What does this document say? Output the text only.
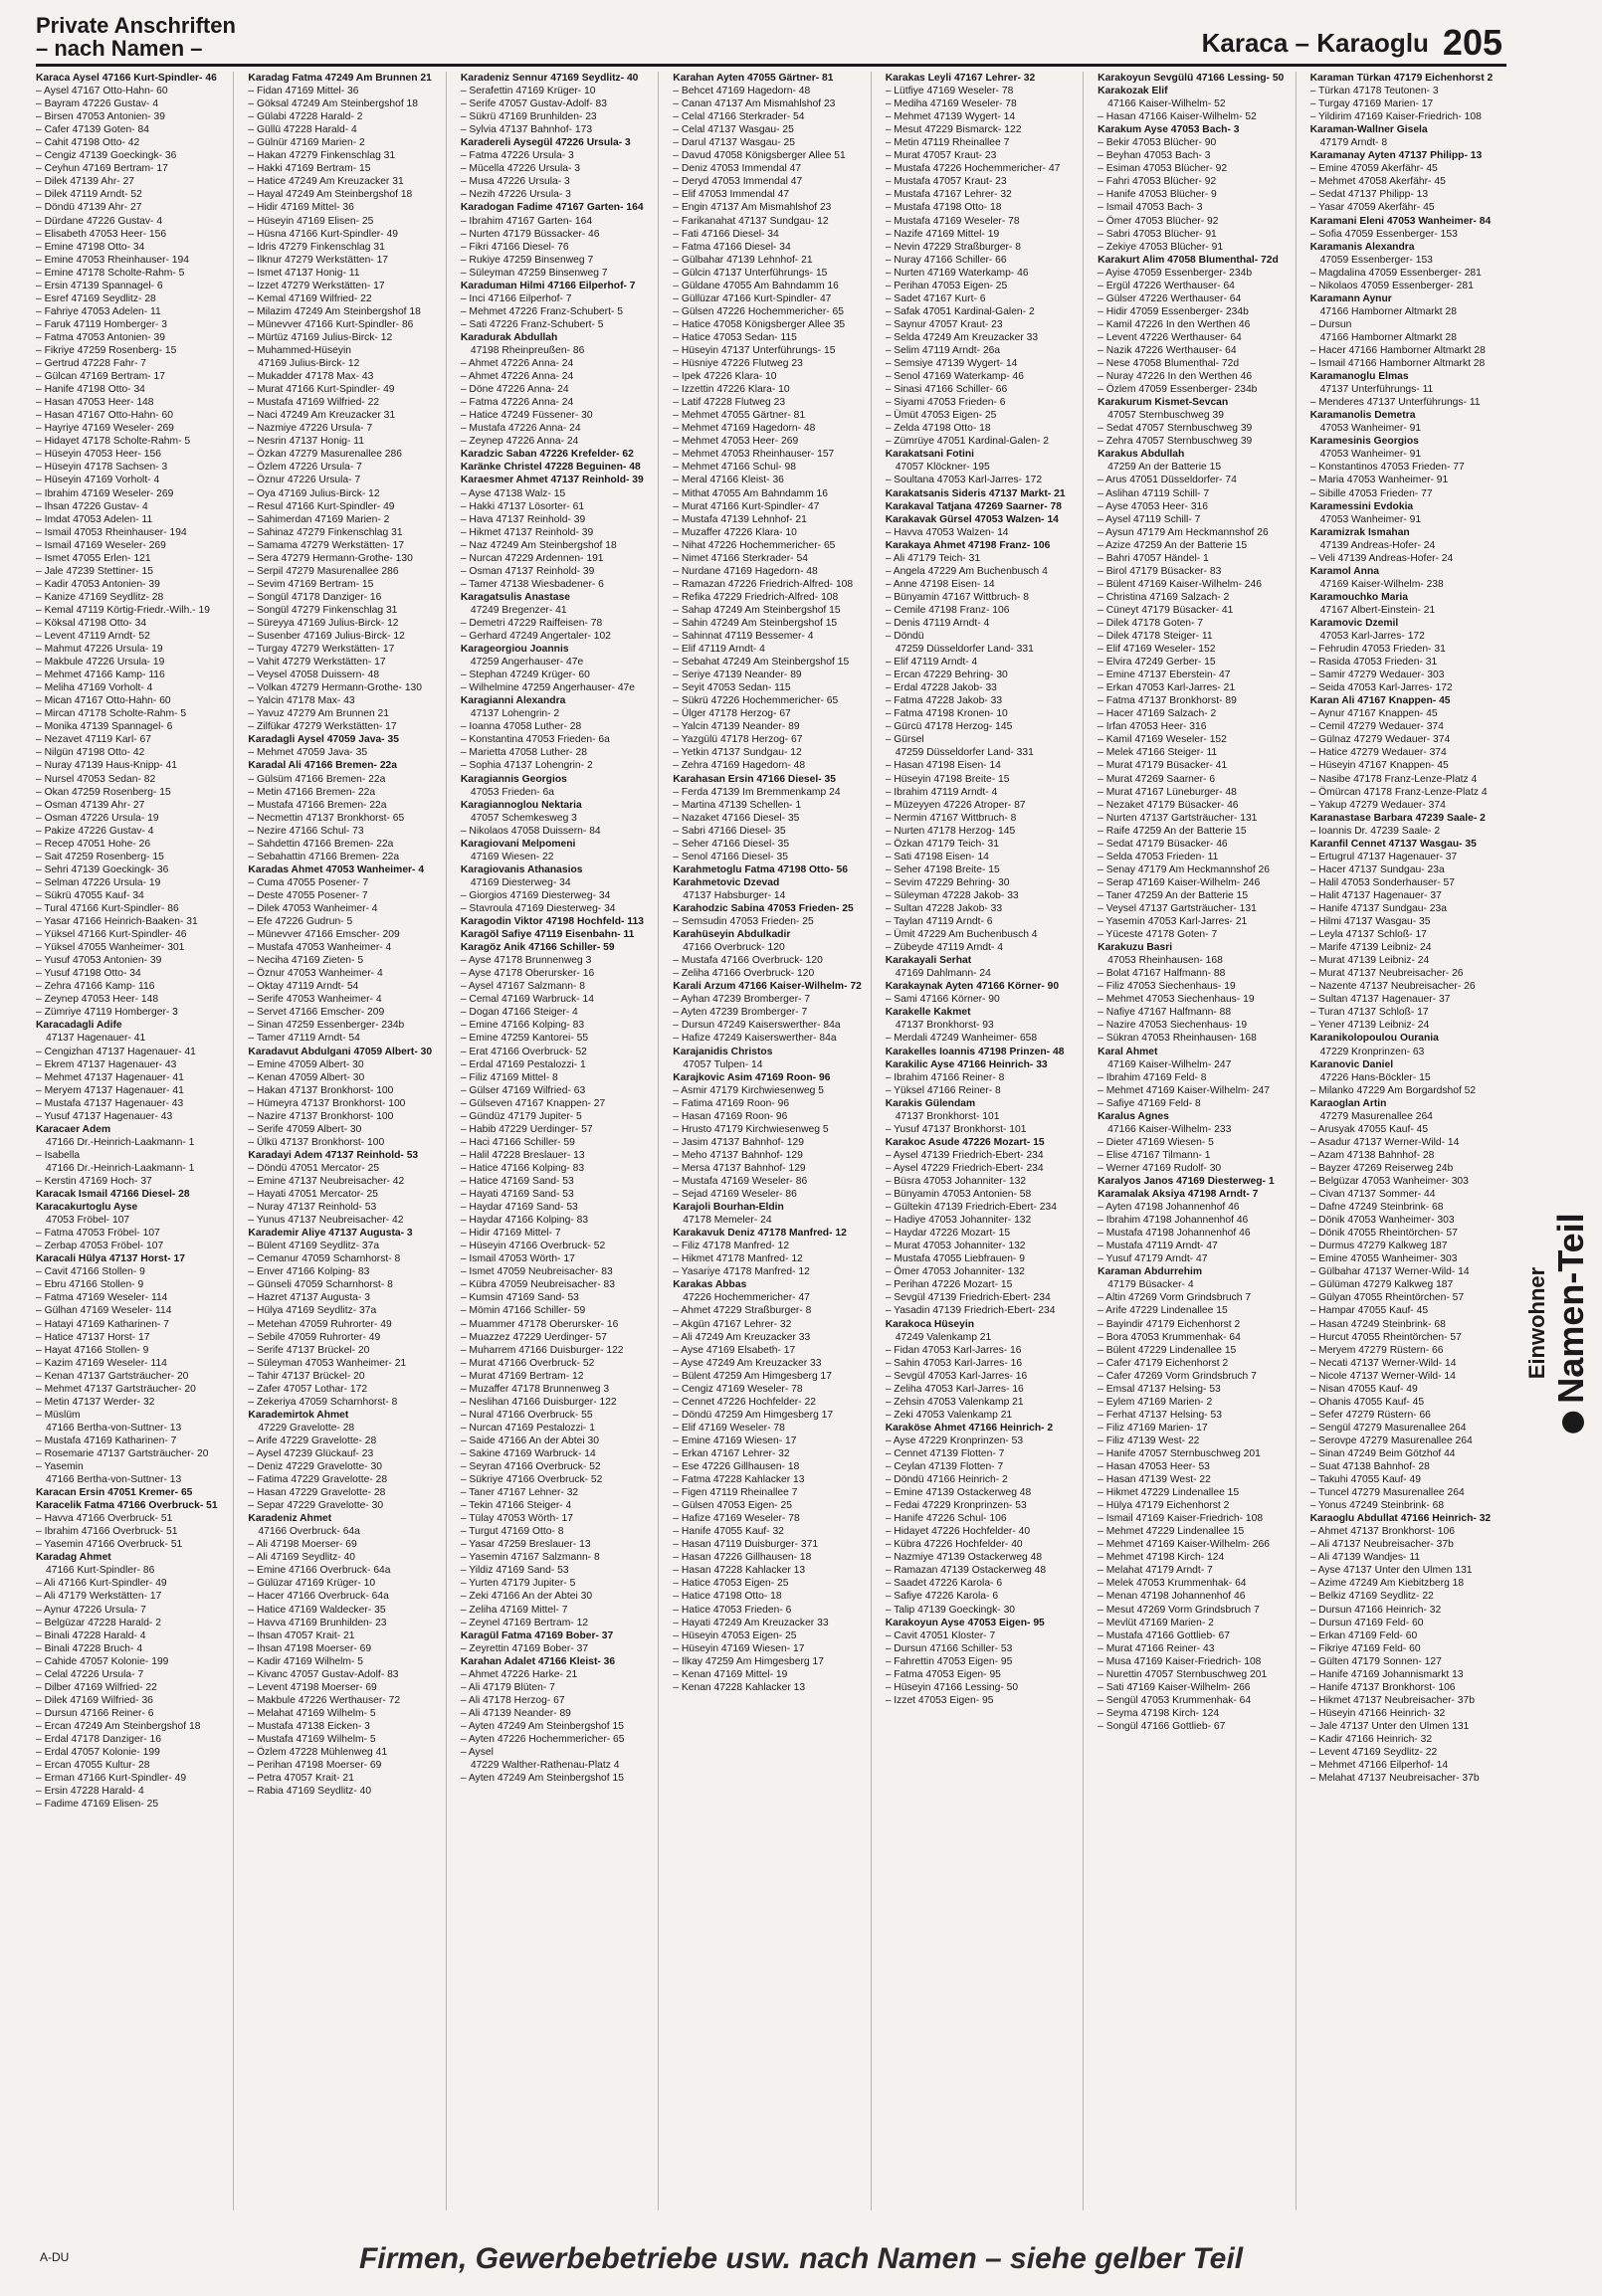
Private Anschriften
– nach Namen –	Karaca – Karaoglu 205
Karaca Aysel 47166 Kurt-Spindler- 46
– Aysel 47167 Otto-Hahn- 60
– Bayram 47226 Gustav- 4
– Birsen 47053 Antonien- 39
– Cafer 47139 Goten- 84
– Cahit 47198 Otto- 42
– Cengiz 47139 Goeckingk- 36
– Ceyhun 47169 Bertram- 17
– Dilek 47139 Ahr- 27
– Dilek 47119 Arndt- 52
– Döndü 47139 Ahr- 27
– Dürdane 47226 Gustav- 4
– Elisabeth 47053 Heer- 156
– Emine 47198 Otto- 34
– Emine 47053 Rheinhauser- 194
– Emine 47178 Scholte-Rahm- 5
– Ersin 47139 Spannagel- 6
– Esref 47169 Seydlitz- 28
– Fahriye 47053 Adelen- 11
– Faruk 47119 Homberger- 3
– Fatma 47053 Antonien- 39
– Fikriye 47259 Rosenberg- 15
– Gertrud 47228 Fahr- 7
– Gülcan 47169 Bertram- 17
– Hanife 47198 Otto- 34
– Hasan 47053 Heer- 148
– Hasan 47167 Otto-Hahn- 60
– Hayriye 47169 Weseler- 269
– Hidayet 47178 Scholte-Rahm- 5
– Hüseyin 47053 Heer- 156
– Hüseyin 47178 Sachsen- 3
– Hüseyin 47169 Vorholt- 4
– Ibrahim 47169 Weseler- 269
– Ihsan 47226 Gustav- 4
– Imdat 47053 Adelen- 11
– Ismail 47053 Rheinhauser- 194
– Ismail 47169 Weseler- 269
– Ismet 47055 Erlen- 121
– Jale 47239 Stettiner- 15
– Kadir 47053 Antonien- 39
– Kanize 47169 Seydlitz- 28
– Kemal 47119 Körtig-Friedr.-Wilh.- 19
– Köksal 47198 Otto- 34
– Levent 47119 Arndt- 52
– Mahmut 47226 Ursula- 19
– Makbule 47226 Ursula- 19
– Mehmet 47166 Kamp- 116
– Meliha 47169 Vorholt- 4
– Mican 47167 Otto-Hahn- 60
– Mircan 47178 Scholte-Rahm- 5
– Monika 47139 Spannagel- 6
– Nezavet 47119 Karl- 67
– Nilgün 47198 Otto- 42
– Nuray 47139 Haus-Knipp- 41
– Nursel 47053 Sedan- 82
– Okan 47259 Rosenberg- 15
– Osman 47139 Ahr- 27
– Osman 47226 Ursula- 19
– Pakize 47226 Gustav- 4
– Recep 47051 Hohe- 26
– Sait 47259 Rosenberg- 15
– Sehri 47139 Goeckingk- 36
– Selman 47226 Ursula- 19
– Sükrü 47055 Kauf- 34
– Tural 47166 Kurt-Spindler- 86
– Yasar 47166 Heinrich-Baaken- 31
– Yüksel 47166 Kurt-Spindler- 46
– Yüksel 47055 Wanheimer- 301
– Yusuf 47053 Antonien- 39
– Yusuf 47198 Otto- 34
– Zehra 47166 Kamp- 116
– Zeynep 47053 Heer- 148
– Zümriye 47119 Homberger- 3
Karacadagli Adife
47137 Hagenauer- 41
– Cengizhan 47137 Hagenauer- 41
– Ekrem 47137 Hagenauer- 43
– Mehmet 47137 Hagenauer- 41
– Meryem 47137 Hagenauer- 41
– Mustafa 47137 Hagenauer- 43
– Yusuf 47137 Hagenauer- 43
Karacaer Adem
47166 Dr.-Heinrich-Laakmann- 1
– Isabella
47166 Dr.-Heinrich-Laakmann- 1
– Kerstin 47169 Hoch- 37
Karacak Ismail 47166 Diesel- 28
Karacakurtoglu Ayse
47053 Fröbel- 107
– Fatma 47053 Fröbel- 107
– Zerbap 47053 Fröbel- 107
Karacali Hülya 47137 Horst- 17
– Cavit 47166 Stollen- 9
– Ebru 47166 Stollen- 9
– Fatma 47169 Weseler- 114
– Gülhan 47169 Weseler- 114
– Hatayi 47169 Katharinen- 7
– Hatice 47137 Horst- 17
– Hayat 47166 Stollen- 9
– Kazim 47169 Weseler- 114
– Kenan 47137 Gartsträucher- 20
– Mehmet 47137 Gartsträucher- 20
– Metin 47137 Werder- 32
– Müslüm
47166 Bertha-von-Suttner- 13
– Mustafa 47169 Katharinen- 7
– Rosemarie 47137 Gartsträucher- 20
– Yasemin
47166 Bertha-von-Suttner- 13
Karacan Ersin 47051 Kremer- 65
Karacelik Fatma 47166 Overbruck- 51
– Havva 47166 Overbruck- 51
– Ibrahim 47166 Overbruck- 51
– Yasemin 47166 Overbruck- 51
Karadag Ahmet
47166 Kurt-Spindler- 86
– Ali 47166 Kurt-Spindler- 49
– Ali 47179 Werkstätten- 17
– Aynur 47226 Ursula- 7
– Belgüzar 47228 Harald- 2
– Binali 47228 Harald- 4
– Binali 47228 Bruch- 4
– Cahide 47057 Kolonie- 199
– Celal 47226 Ursula- 7
– Dilber 47169 Wilfried- 22
– Dilek 47169 Wilfried- 36
– Dursun 47166 Reiner- 6
– Ercan 47249 Am Steinbergshof 18
– Erdal 47178 Danziger- 16
– Erdal 47057 Kolonie- 199
– Ercan 47055 Kultur- 28
– Erman 47166 Kurt-Spindler- 49
– Ersin 47228 Harald- 4
– Fadime 47169 Elisen- 25
Karadag Fatma 47249 Am Brunnen 21
– Fidan 47169 Mittel- 36
– Göksal 47249 Am Steinbergshof 18
– Gülabi 47228 Harald- 2
– Güllü 47228 Harald- 4
– Gülnür 47169 Marien- 2
– Hakan 47279 Finkenschlag 31
– Hakki 47169 Bertram- 15
– Hatice 47249 Am Kreuzacker 31
– Hayal 47249 Am Steinbergshof 18
– Hidir 47169 Mittel- 36
– Hüseyin 47169 Elisen- 25
– Hüsna 47166 Kurt-Spindler- 49
– Idris 47279 Finkenschlag 31
– Ilknur 47279 Werkstätten- 17
– Ismet 47137 Honig- 11
– Izzet 47279 Werkstätten- 17
– Kemal 47169 Wilfried- 22
– Milazim 47249 Am Steinbergshof 18
– Münevver 47166 Kurt-Spindler- 86
– Mürtüz 47169 Julius-Birck- 12
– Muhammed-Hüseyin
47169 Julius-Birck- 12
– Mukadder 47178 Max- 43
– Murat 47166 Kurt-Spindler- 49
– Mustafa 47169 Wilfried- 22
– Naci 47249 Am Kreuzacker 31
– Nazmiye 47226 Ursula- 7
– Nesrin 47137 Honig- 11
– Özkan 47279 Masurenallee 286
– Özlem 47226 Ursula- 7
– Öznur 47226 Ursula- 7
– Oya 47169 Julius-Birck- 12
– Resul 47166 Kurt-Spindler- 49
– Sahimerdan 47169 Marien- 2
– Sahinaz 47279 Finkenschlag 31
– Samama 47279 Werkstätten- 17
– Sera 47279 Hermann-Grothe- 130
– Serpil 47279 Masurenallee 286
– Sevim 47169 Bertram- 15
– Songül 47178 Danziger- 16
– Songül 47279 Finkenschlag 31
– Süreyya 47169 Julius-Birck- 12
– Susenber 47169 Julius-Birck- 12
– Turgay 47279 Werkstätten- 17
– Vahit 47279 Werkstätten- 17
– Veysel 47058 Duissern- 48
– Volkan 47279 Hermann-Grothe- 130
– Yalcin 47178 Max- 43
– Yavuz 47279 Am Brunnen 21
– Zilfükar 47279 Werkstätten- 17
Karadagli Aysel 47059 Java- 35
– Mehmet 47059 Java- 35
Karadal Ali 47166 Bremen- 22a
– Gülsüm 47166 Bremen- 22a
– Metin 47166 Bremen- 22a
– Mustafa 47166 Bremen- 22a
– Necmettin 47137 Bronkhorst- 65
– Nezire 47166 Schul- 73
– Sahdettin 47166 Bremen- 22a
– Sebahattin 47166 Bremen- 22a
Karadas Ahmet 47053 Wanheimer- 4
– Cuma 47055 Posener- 7
– Deste 47055 Posener- 7
– Dilek 47053 Wanheimer- 4
– Efe 47226 Gudrun- 5
– Münevver 47166 Emscher- 209
– Mustafa 47053 Wanheimer- 4
– Neciha 47169 Zieten- 5
– Öznur 47053 Wanheimer- 4
– Oktay 47119 Arndt- 54
– Serife 47053 Wanheimer- 4
– Servet 47166 Emscher- 209
– Sinan 47259 Essenberger- 234b
– Tamer 47119 Arndt- 54
Karadavut Abdulgani 47059 Albert- 30
– Emine 47059 Albert- 30
– Kenan 47059 Albert- 30
– Hakan 47137 Bronkhorst- 100
– Hümeyra 47137 Bronkhorst- 100
– Nazire 47137 Bronkhorst- 100
– Serife 47059 Albert- 30
– Ülkü 47137 Bronkhorst- 100
Karadayi Adem 47137 Reinhold- 53
– Döndü 47051 Mercator- 25
– Emine 47137 Neubreisacher- 42
– Hayati 47051 Mercator- 25
– Nuray 47137 Reinhold- 53
– Yunus 47137 Neubreisacher- 42
Karademir Aliye 47137 Augusta- 3
– Bülent 47169 Seydlitz- 37a
– Cemanur 47059 Scharnhorst- 8
– Enver 47166 Kolping- 83
– Günseli 47059 Scharnhorst- 8
– Hazret 47137 Augusta- 3
– Hülya 47169 Seydlitz- 37a
– Metehan 47059 Ruhrorter- 49
– Sebile 47059 Ruhrorter- 49
– Serife 47137 Brückel- 20
– Süleyman 47053 Wanheimer- 21
– Tahir 47137 Brückel- 20
– Zafer 47057 Lothar- 172
– Zekeriya 47059 Scharnhorst- 8
Karademirtok Ahmet
47229 Gravelotte- 28
– Arife 47229 Gravelotte- 28
– Aysel 47239 Glückauf- 23
– Deniz 47229 Gravelotte- 30
– Fatima 47229 Gravelotte- 28
– Hasan 47229 Gravelotte- 28
– Separ 47229 Gravelotte- 30
Karadeniz Ahmet
47166 Overbruck- 64a
– Ali 47198 Moerser- 69
– Ali 47169 Seydlitz- 40
– Emine 47166 Overbruck- 64a
– Gülüzar 47169 Krüger- 10
– Hacer 47166 Overbruck- 64a
– Hatice 47169 Waldecker- 35
– Havva 47169 Brunhilden- 23
– Ihsan 47057 Krait- 21
– Ihsan 47198 Moerser- 69
– Kadir 47169 Wilhelm- 5
– Kivanc 47057 Gustav-Adolf- 83
– Levent 47198 Moerser- 69
– Makbule 47226 Werthauser- 72
– Melahat 47169 Wilhelm- 5
– Mustafa 47138 Eicken- 3
– Mustafa 47169 Wilhelm- 5
– Özlem 47228 Mühlenweg 41
– Perihan 47198 Moerser- 69
– Petra 47057 Krait- 21
– Rabia 47169 Seydlitz- 40
Karadeniz Sennur 47169 Seydlitz- 40
– Serafettin 47169 Krüger- 10
– Serife 47057 Gustav-Adolf- 83
– Sükrü 47169 Brunhilden- 23
– Sylvia 47137 Bahnhof- 173
Karadereli Aysegül 47226 Ursula- 3
– Fatma 47226 Ursula- 3
– Mücella 47226 Ursula- 3
– Musa 47226 Ursula- 3
– Nezih 47226 Ursula- 3
Karadogan Fadime 47167 Garten- 164
– Ibrahim 47167 Garten- 164
– Nurten 47179 Büssacker- 46
– Fikri 47166 Diesel- 76
– Rukiye 47259 Binsenweg 7
– Süleyman 47259 Binsenweg 7
Karaduman Hilmi 47166 Eilperhof- 7
– Inci 47166 Eilperhof- 7
– Mehmet 47226 Franz-Schubert- 5
– Sati 47226 Franz-Schubert- 5
Karadurak Abdullah
47198 Rheinpreußen- 86
– Ahmet 47226 Anna- 24
– Ahmet 47226 Anna- 24
– Döne 47226 Anna- 24
– Fatma 47226 Anna- 24
– Hatice 47249 Füssener- 30
– Mustafa 47226 Anna- 24
– Zeynep 47226 Anna- 24
Karadzic Saban 47226 Krefelder- 62
Karänke Christel 47228 Beguinen- 48
Karaesmer Ahmet 47137 Reinhold- 39
– Ayse 47138 Walz- 15
– Hakki 47137 Lösorter- 61
– Hava 47137 Reinhold- 39
– Hikmet 47137 Reinhold- 39
– Naz 47249 Am Steinbergshof 18
– Nurcan 47229 Ardennen- 191
– Osman 47137 Reinhold- 39
– Tamer 47138 Wiesbadener- 6
Karagatsulis Anastase
47249 Bregenzer- 41
– Demetri 47229 Raiffeisen- 78
– Gerhard 47249 Angertaler- 102
Karageorgiou Joannis
47259 Angerhauser- 47e
– Stephan 47249 Krüger- 60
– Wilhelmine 47259 Angerhauser- 47e
Karagianni Alexandra
47137 Lohengrin- 2
– Ioanna 47058 Luther- 28
– Konstantina 47053 Frieden- 6a
– Marietta 47058 Luther- 28
– Sophia 47137 Lohengrin- 2
Karagiannis Georgios
47053 Frieden- 6a
Karagiannoglou Nektaria
47057 Schemkesweg 3
– Nikolaos 47058 Duissern- 84
Karagiovani Melpomeni
47169 Wiesen- 22
Karagiovanis Athanasios
47169 Diesterweg- 34
– Giorgios 47169 Diesterweg- 34
– Stavroula 47169 Diesterweg- 34
Karagodin Viktor 47198 Hochfeld- 113
Karagöl Safiye 47119 Eisenbahn- 11
Karagöz Anik 47166 Schiller- 59
– Ayse 47178 Brunnenweg 3
– Ayse 47178 Oberursker- 16
– Aysel 47167 Salzmann- 8
– Cemal 47169 Warbruck- 14
– Dogan 47166 Steiger- 4
– Emine 47166 Kolping- 83
– Emine 47259 Kantorei- 55
– Erat 47166 Overbruck- 52
– Erdal 47169 Pestalozzi- 1
– Filiz 47169 Mittel- 8
– Gülser 47169 Wilfried- 63
– Gülseven 47167 Knappen- 27
– Gündüz 47179 Jupiter- 5
– Habib 47229 Uerdinger- 57
– Haci 47166 Schiller- 59
– Halil 47228 Breslauer- 13
– Hatice 47166 Kolping- 83
– Hatice 47169 Sand- 53
– Hayati 47169 Sand- 53
– Haydar 47169 Sand- 53
– Haydar 47166 Kolping- 83
– Hidir 47169 Mittel- 7
– Hüseyin 47166 Overbruck- 52
– Ismail 47053 Wörth- 17
– Ismet 47059 Neubreisacher- 83
– Kübra 47059 Neubreisacher- 83
– Kumsin 47169 Sand- 53
– Mömin 47166 Schiller- 59
– Muammer 47178 Oberursker- 16
– Muazzez 47229 Uerdinger- 57
– Muharrem 47166 Duisburger- 122
– Murat 47166 Overbruck- 52
– Murat 47169 Bertram- 12
– Muzaffer 47178 Brunnenweg 3
– Neslihan 47166 Duisburger- 122
– Nural 47166 Overbruck- 55
– Nurcan 47169 Pestalozzi- 1
– Saide 47166 An der Abtei 30
– Sakine 47169 Warbruck- 14
– Seyran 47166 Overbruck- 52
– Sükriye 47166 Overbruck- 52
– Taner 47167 Lehner- 32
– Tekin 47166 Steiger- 4
– Tülay 47053 Wörth- 17
– Turgut 47169 Otto- 8
– Yasar 47259 Breslauer- 13
– Yasemin 47167 Salzmann- 8
– Yildiz 47169 Sand- 53
– Yurten 47179 Jupiter- 5
– Zeki 47166 An der Abtei 30
– Zeliha 47169 Mittel- 7
– Zeynel 47169 Bertram- 12
Karagül Fatma 47169 Bober- 37
– Zeyrettin 47169 Bober- 37
Karahan Adalet 47166 Kleist- 36
– Ahmet 47226 Harke- 21
– Ali 47179 Blüten- 7
– Ali 47178 Herzog- 67
– Ali 47139 Neander- 89
– Ayten 47249 Am Steinbergshof 15
– Ayten 47226 Hochemmericher- 65
– Aysel
47229 Walther-Rathenau-Platz 4
– Ayten 47249 Am Steinbergshof 15
Karahan Ayten 47055 Gärtner- 81
– Behcet 47169 Hagedorn- 48
– Canan 47137 Am Mismahlshof 23
– Celal 47166 Sterkrader- 54
– Celal 47137 Wasgau- 25
– Darul 47137 Wasgau- 25
– Davud 47058 Königsberger Allee 51
– Deniz 47053 Immendal 47
– Deryd 47053 Immendal 47
– Elif 47053 Immendal 47
– Engin 47137 Am Mismahlshof 23
– Farikanahat 47137 Sundgau- 12
– Fati 47166 Diesel- 34
– Fatma 47166 Diesel- 34
– Gülbahar 47139 Lehnhof- 21
– Gülcin 47137 Unterführungs- 15
– Güldane 47055 Am Bahndamm 16
– Güllüzar 47166 Kurt-Spindler- 47
– Gülsen 47226 Hochemmericher- 65
– Hatice 47058 Königsberger Allee 35
– Hatice 47053 Sedan- 115
– Hüseyin 47137 Unterführungs- 15
– Hüsniye 47226 Flutweg 23
– Ipek 47226 Klara- 10
– Izzettin 47226 Klara- 10
– Latif 47228 Flutweg 23
– Mehmet 47055 Gärtner- 81
– Mehmet 47169 Hagedorn- 48
– Mehmet 47053 Heer- 269
– Mehmet 47053 Rheinhauser- 157
– Mehmet 47166 Schul- 98
– Meral 47166 Kleist- 36
– Mithat 47055 Am Bahndamm 16
– Murat 47166 Kurt-Spindler- 47
– Mustafa 47139 Lehnhof- 21
– Muzaffer 47226 Klara- 10
– Nihat 47226 Hochemmericher- 65
– Nimet 47166 Sterkrader- 54
– Nurdane 47169 Hagedorn- 48
– Ramazan 47226 Friedrich-Alfred- 108
– Refika 47229 Friedrich-Alfred- 108
– Sahap 47249 Am Steinbergshof 15
– Sahin 47249 Am Steinbergshof 15
– Sahinnat 47119 Bessemer- 4
– Elif 47119 Arndt- 4
– Sebahat 47249 Am Steinbergshof 15
– Seriye 47139 Neander- 89
– Seyit 47053 Sedan- 115
– Sükrü 47226 Hochemmericher- 65
– Ülger 47178 Herzog- 67
– Yalcin 47139 Neander- 89
– Yazgülü 47178 Herzog- 67
– Yetkin 47137 Sundgau- 12
– Zehra 47169 Hagedorn- 48
Karahasan Ersin 47166 Diesel- 35
– Ferda 47139 Im Bremmenkamp 24
– Martina 47139 Schellen- 1
– Nazaket 47166 Diesel- 35
– Sabri 47166 Diesel- 35
– Seher 47166 Diesel- 35
– Senol 47166 Diesel- 35
Karahmetoglu Fatma 47198 Otto- 56
Karahmetovic Dzevad
47137 Habsburger- 14
Karahodzic Sabina 47053 Frieden- 25
– Semsudin 47053 Frieden- 25
Karahüseyin Abdulkadir
47166 Overbruck- 120
– Mustafa 47166 Overbruck- 120
– Zeliha 47166 Overbruck- 120
Karali Arzum 47166 Kaiser-Wilhelm- 72
– Ayhan 47239 Bromberger- 7
– Ayten 47239 Bromberger- 7
– Dursun 47249 Kaiserswerther- 84a
– Hafize 47249 Kaiserswerther- 84a
Karajanidis Christos
47057 Tulpen- 14
Karajkovic Asim 47169 Roon- 96
– Asmir 47179 Kirchwiesenweg 5
– Fatima 47169 Roon- 96
– Hasan 47169 Roon- 96
– Hrusto 47179 Kirchwiesenweg 5
– Jasim 47137 Bahnhof- 129
– Meho 47137 Bahnhof- 129
– Mersa 47137 Bahnhof- 129
– Mustafa 47169 Weseler- 86
– Sejad 47169 Weseler- 86
Karajoli Bourhan-Eldin
47178 Memeler- 24
Karakavuk Deniz 47178 Manfred- 12
– Filiz 47178 Manfred- 12
– Hikmet 47178 Manfred- 12
– Yasariye 47178 Manfred- 12
Karakas Abbas
47226 Hochemmericher- 47
– Ahmet 47229 Straßburger- 8
– Akgün 47167 Lehrer- 32
– Ali 47249 Am Kreuzacker 33
– Ayse 47169 Elsabeth- 17
– Ayse 47249 Am Kreuzacker 33
– Bülent 47259 Am Himgesberg 17
– Cengiz 47169 Weseler- 78
– Cennet 47226 Hochfelder- 22
– Döndü 47259 Am Himgesberg 17
– Elif 47169 Weseler- 78
– Emine 47169 Wiesen- 17
– Erkan 47167 Lehrer- 32
– Ese 47226 Gillhausen- 18
– Fatma 47228 Kahlacker 13
– Figen 47119 Rheinallee 7
– Gülsen 47053 Eigen- 25
– Hafize 47169 Weseler- 78
– Hanife 47055 Kauf- 32
– Hasan 47119 Duisburger- 371
– Hasan 47226 Gillhausen- 18
– Hasan 47228 Kahlacker 13
– Hatice 47053 Eigen- 25
– Hatice 47198 Otto- 18
– Hatice 47053 Frieden- 6
– Hayati 47249 Am Kreuzacker 33
– Hüseyin 47053 Eigen- 25
– Hüseyin 47169 Wiesen- 17
– Ilkay 47259 Am Himgesberg 17
– Kenan 47169 Mittel- 19
– Kenan 47228 Kahlacker 13
Karakas Leyli 47167 Lehrer- 32
– Lütfiye 47169 Weseler- 78
– Mediha 47169 Weseler- 78
– Mehmet 47139 Wygert- 14
– Mesut 47229 Bismarck- 122
– Metin 47119 Rheinallee 7
– Murat 47057 Kraut- 23
– Mustafa 47226 Hochemmericher- 47
– Mustafa 47057 Kraut- 23
– Mustafa 47167 Lehrer- 32
– Mustafa 47198 Otto- 18
– Mustafa 47169 Weseler- 78
– Nazife 47169 Mittel- 19
– Nevin 47229 Straßburger- 8
– Nuray 47166 Schiller- 66
– Nurten 47169 Waterkamp- 46
– Perihan 47053 Eigen- 25
– Sadet 47167 Kurt- 6
– Safak 47051 Kardinal-Galen- 2
– Saynur 47057 Kraut- 23
– Selda 47249 Am Kreuzacker 33
– Selim 47119 Arndt- 26a
– Semsiye 47139 Wygert- 14
– Senol 47169 Waterkamp- 46
– Sinasi 47166 Schiller- 66
– Siyami 47053 Frieden- 6
– Ümüt 47053 Eigen- 25
– Zelda 47198 Otto- 18
– Zümrüye 47051 Kardinal-Galen- 2
Karakatsani Fotini
47057 Klöckner- 195
– Soultana 47053 Karl-Jarres- 172
Karakatsanis Sideris 47137 Markt- 21
Karakaval Tatjana 47269 Saarner- 78
Karakavak Gürsel 47053 Walzen- 14
– Havva 47053 Walzen- 14
Karakaya Ahmet 47198 Franz- 106
– Ali 47179 Teich- 31
– Angela 47229 Am Buchenbusch 4
– Anne 47198 Eisen- 14
– Bünyamin 47167 Wittbruch- 8
– Cemile 47198 Franz- 106
– Denis 47119 Arndt- 4
– Döndü
47259 Düsseldorfer Land- 331
– Elif 47119 Arndt- 4
– Ercan 47229 Behring- 30
– Erdal 47228 Jakob- 33
– Fatma 47228 Jakob- 33
– Fatma 47198 Kronen- 10
– Gürcü 47178 Herzog- 145
– Gürsel
47259 Düsseldorfer Land- 331
– Hasan 47198 Eisen- 14
– Hüseyin 47198 Breite- 15
– Ibrahim 47119 Arndt- 4
– Müzeyyen 47226 Atroper- 87
– Nermin 47167 Wittbruch- 8
– Nurten 47178 Herzog- 145
– Özkan 47179 Teich- 31
– Sati 47198 Eisen- 14
– Seher 47198 Breite- 15
– Sevim 47229 Behring- 30
– Süleyman 47228 Jakob- 33
– Sultan 47228 Jakob- 33
– Taylan 47119 Arndt- 6
– Ümit 47229 Am Buchenbusch 4
– Zübeyde 47119 Arndt- 4
Karakayali Serhat
47169 Dahlmann- 24
Karakaynak Ayten 47166 Körner- 90
– Sami 47166 Körner- 90
Karakelle Kakmet
47137 Bronkhorst- 93
– Merdali 47249 Wanheimer- 658
Karakelles Ioannis 47198 Prinzen- 48
Karakilic Ayse 47166 Heinrich- 33
– Ibrahim 47166 Reiner- 8
– Yüksel 47166 Reiner- 8
Karakis Gülendam
47137 Bronkhorst- 101
– Yusuf 47137 Bronkhorst- 101
Karakoc Asude 47226 Mozart- 15
– Aysel 47139 Friedrich-Ebert- 234
– Aysel 47229 Friedrich-Ebert- 234
– Büsra 47053 Johanniter- 132
– Bünyamin 47053 Antonien- 58
– Gültekin 47139 Friedrich-Ebert- 234
– Hadiye 47053 Johanniter- 132
– Haydar 47226 Mozart- 15
– Murat 47053 Johanniter- 132
– Mustafa 47055 Liebfrauen- 9
– Ömer 47053 Johanniter- 132
– Perihan 47226 Mozart- 15
– Sevgül 47139 Friedrich-Ebert- 234
– Yasadin 47139 Friedrich-Ebert- 234
Karakoca Hüseyin
47249 Valenkamp 21
– Fidan 47053 Karl-Jarres- 16
– Sahin 47053 Karl-Jarres- 16
– Sevgül 47053 Karl-Jarres- 16
– Zeliha 47053 Karl-Jarres- 16
– Zehsin 47053 Valenkamp 21
– Zeki 47053 Valenkamp 21
Karaköse Ahmet 47166 Heinrich- 2
– Ayse 47229 Kronprinzen- 53
– Cennet 47139 Flotten- 7
– Ceylan 47139 Flotten- 7
– Döndü 47166 Heinrich- 2
– Emine 47139 Ostackerweg 48
– Fedai 47229 Kronprinzen- 53
– Hanife 47226 Schul- 106
– Hidayet 47226 Hochfelder- 40
– Kübra 47226 Hochfelder- 40
– Nazmiye 47139 Ostackerweg 48
– Ramazan 47139 Ostackerweg 48
– Saadet 47226 Karola- 6
– Safiye 47226 Karola- 6
– Talip 47139 Goeckingk- 30
Karakoyun Ayse 47053 Eigen- 95
– Cavit 47051 Kloster- 7
– Dursun 47166 Schiller- 53
– Fahrettin 47053 Eigen- 95
– Fatma 47053 Eigen- 95
– Hüseyin 47166 Lessing- 50
– Izzet 47053 Eigen- 95
Karakoyun Sevgülü 47166 Lessing- 50
Karakozak Elif
47166 Kaiser-Wilhelm- 52
– Hasan 47166 Kaiser-Wilhelm- 52
Karakum Ayse 47053 Bach- 3
– Bekir 47053 Blücher- 90
– Beyhan 47053 Bach- 3
– Esiman 47053 Blücher- 92
– Fahri 47053 Blücher- 92
– Hanife 47053 Blücher- 9
– Ismail 47053 Bach- 3
– Ömer 47053 Blücher- 92
– Sabri 47053 Blücher- 91
– Zekiye 47053 Blücher- 91
Karakurt Alim 47058 Blumenthal- 72d
– Ayise 47059 Essenberger- 234b
– Ergül 47226 Werthauser- 64
– Gülser 47226 Werthauser- 64
– Hidir 47059 Essenberger- 234b
– Kamil 47226 In den Werthen 46
– Levent 47226 Werthauser- 64
– Nazik 47226 Werthauser- 64
– Nese 47058 Blumenthal- 72d
– Nuray 47226 In den Werthen 46
– Özlem 47059 Essenberger- 234b
Karakurum Kismet-Sevcan
47057 Sternbuschweg 39
– Sedat 47057 Sternbuschweg 39
– Zehra 47057 Sternbuschweg 39
Karakus Abdullah
47259 An der Batterie 15
– Arus 47051 Düsseldorfer- 74
– Aslihan 47119 Schill- 7
– Ayse 47053 Heer- 316
– Aysel 47119 Schill- 7
– Aysun 47179 Am Heckmannshof 26
– Azize 47259 An der Batterie 15
– Bahri 47057 Händel- 1
– Birol 47179 Büsacker- 83
– Bülent 47169 Kaiser-Wilhelm- 246
– Christina 47169 Salzach- 2
– Cüneyt 47179 Büsacker- 41
– Dilek 47178 Goten- 7
– Dilek 47178 Steiger- 11
– Elif 47169 Weseler- 152
– Elvira 47249 Gerber- 15
– Emine 47137 Eberstein- 47
– Erkan 47053 Karl-Jarres- 21
– Fatma 47137 Bronkhorst- 89
– Hacer 47169 Salzach- 2
– Irfan 47053 Heer- 316
– Kamil 47169 Weseler- 152
– Melek 47166 Steiger- 11
– Murat 47179 Büsacker- 41
– Murat 47269 Saarner- 6
– Murat 47167 Lüneburger- 48
– Nezaket 47179 Büsacker- 46
– Nurten 47137 Gartsträucher- 131
– Raife 47259 An der Batterie 15
– Sedat 47179 Büsacker- 46
– Selda 47053 Frieden- 11
– Senay 47179 Am Heckmannshof 26
– Serap 47169 Kaiser-Wilhelm- 246
– Taner 47259 An der Batterie 15
– Veysel 47137 Gartsträucher- 131
– Yasemin 47053 Karl-Jarres- 21
– Yüceste 47178 Goten- 7
Karakuzu Basri
47053 Rheinhausen- 168
– Bolat 47167 Halfmann- 88
– Filiz 47053 Siechenhaus- 19
– Mehmet 47053 Siechenhaus- 19
– Nafiye 47167 Halfmann- 88
– Nazire 47053 Siechenhaus- 19
– Sükran 47053 Rheinhausen- 168
Karal Ahmet
47169 Kaiser-Wilhelm- 247
– Ibrahim 47169 Feld- 8
– Mehmet 47169 Kaiser-Wilhelm- 247
– Safiye 47169 Feld- 8
Karalus Agnes
47166 Kaiser-Wilhelm- 233
– Dieter 47169 Wiesen- 5
– Elise 47167 Tilmann- 1
– Werner 47169 Rudolf- 30
Karalyos Janos 47169 Diesterweg- 1
Karamalak Aksiya 47198 Arndt- 7
– Ayten 47198 Johannenhof 46
– Ibrahim 47198 Johannenhof 46
– Mustafa 47198 Johannenhof 46
– Mustafa 47119 Arndt- 47
– Yusuf 47179 Arndt- 47
Karaman Abdurrehim
47179 Büsacker- 4
– Altin 47269 Vorm Grindsbruch 7
– Arife 47229 Lindenallee 15
– Bayindir 47179 Eichenhorst 2
– Bora 47053 Krummenhak- 64
– Bülent 47229 Lindenallee 15
– Cafer 47179 Eichenhorst 2
– Cafer 47269 Vorm Grindsbruch 7
– Emsal 47137 Helsing- 53
– Eylem 47169 Marien- 2
– Ferhat 47137 Helsing- 53
– Filiz 47169 Marien- 17
– Filiz 47139 West- 22
– Hanife 47057 Sternbuschweg 201
– Hasan 47053 Heer- 53
– Hasan 47139 West- 22
– Hikmet 47229 Lindenallee 15
– Hülya 47179 Eichenhorst 2
– Ismail 47169 Kaiser-Friedrich- 108
– Mehmet 47229 Lindenallee 15
– Mehmet 47169 Kaiser-Wilhelm- 266
– Mehmet 47198 Kirch- 124
– Melahat 47179 Arndt- 7
– Melek 47053 Krummenhak- 64
– Menan 47198 Johannenhof 46
– Mesut 47269 Vorm Grindsbruch 7
– Mevlüt 47169 Marien- 2
– Mustafa 47166 Gottlieb- 67
– Murat 47166 Reiner- 43
– Musa 47169 Kaiser-Friedrich- 108
– Nurettin 47057 Sternbuschweg 201
– Sati 47169 Kaiser-Wilhelm- 266
– Sengül 47053 Krummenhak- 64
– Seyma 47198 Kirch- 124
– Songül 47166 Gottlieb- 67
Karaman Türkan 47179 Eichenhorst 2
– Türkan 47178 Teutonen- 3
– Turgay 47169 Marien- 17
– Yildirim 47169 Kaiser-Friedrich- 108
Karaman-Wallner Gisela
47179 Arndt- 8
Karamanay Ayten 47137 Philipp- 13
– Emine 47059 Akerfähr- 45
– Mehmet 47058 Akerfähr- 45
– Sedat 47137 Philipp- 13
– Yasar 47059 Akerfähr- 45
Karamani Eleni 47053 Wanheimer- 84
– Sofia 47059 Essenberger- 153
Karamanis Alexandra
47059 Essenberger- 153
– Magdalina 47059 Essenberger- 281
– Nikolaos 47059 Essenberger- 281
Karamann Aynur
47166 Hamborner Altmarkt 28
– Dursun
47166 Hamborner Altmarkt 28
– Hacer 47166 Hamborner Altmarkt 28
– Ismail 47166 Hamborner Altmarkt 28
Karamanoglu Elmas
47137 Unterführungs- 11
– Menderes 47137 Unterführungs- 11
Karamanolis Demetra
47053 Wanheimer- 91
Karamesinis Georgios
47053 Wanheimer- 91
– Konstantinos 47053 Frieden- 77
– Maria 47053 Wanheimer- 91
– Sibille 47053 Frieden- 77
Karamessini Evdokia
47053 Wanheimer- 91
Karamizrak Ismahan
47139 Andreas-Hofer- 24
– Veli 47139 Andreas-Hofer- 24
Karamol Anna
47169 Kaiser-Wilhelm- 238
Karamouchko Maria
47167 Albert-Einstein- 21
Karamovic Dzemil
47053 Karl-Jarres- 172
– Fehrudin 47053 Frieden- 31
– Rasida 47053 Frieden- 31
– Samir 47279 Wedauer- 303
– Seida 47053 Karl-Jarres- 172
Karan Ali 47167 Knappen- 45
– Aynur 47167 Knappen- 45
– Cemil 47279 Wedauer- 374
– Gülnaz 47279 Wedauer- 374
– Hatice 47279 Wedauer- 374
– Hüseyin 47167 Knappen- 45
– Nasibe 47178 Franz-Lenze-Platz 4
– Ömürcan 47178 Franz-Lenze-Platz 4
– Yakup 47279 Wedauer- 374
Karanastase Barbara 47239 Saale- 2
– Ioannis Dr. 47239 Saale- 2
Karanfil Cennet 47137 Wasgau- 35
– Ertugrul 47137 Hagenauer- 37
– Hacer 47137 Sundgau- 23a
– Halil 47053 Sonderhauser- 57
– Halit 47137 Hagenauer- 37
– Hanife 47137 Sundgau- 23a
– Hilmi 47137 Wasgau- 35
– Leyla 47137 Schloß- 17
– Marife 47139 Leibniz- 24
– Murat 47139 Leibniz- 24
– Murat 47137 Neubreisacher- 26
– Nazente 47137 Neubreisacher- 26
– Sultan 47137 Hagenauer- 37
– Turan 47137 Schloß- 17
– Yener 47139 Leibniz- 24
Karanikolopoulou Ourania
47229 Kronprinzen- 63
Karanovic Daniel
47226 Hans-Böckler- 15
– Milanko 47229 Am Borgardshof 52
Karaoglan Artin
47279 Masurenallee 264
– Arusyak 47055 Kauf- 45
– Asadur 47137 Werner-Wild- 14
– Azam 47138 Bahnhof- 28
– Bayzer 47269 Reiserweg 24b
– Belgüzar 47053 Wanheimer- 303
– Civan 47137 Sommer- 44
– Dafne 47249 Steinbrink- 68
– Dönik 47053 Wanheimer- 303
– Dönik 47055 Rheintörchen- 57
– Durmus 47279 Kalkweg 187
– Emine 47055 Wanheimer- 303
– Gülbahar 47137 Werner-Wild- 14
– Gülüman 47279 Kalkweg 187
– Gülyan 47055 Rheintörchen- 57
– Hampar 47055 Kauf- 45
– Hasan 47249 Steinbrink- 68
– Hurcut 47055 Rheintörchen- 57
– Meryem 47279 Rüstern- 66
– Necati 47137 Werner-Wild- 14
– Nicole 47137 Werner-Wild- 14
– Nisan 47055 Kauf- 49
– Ohanis 47055 Kauf- 45
– Sefer 47279 Rüstern- 66
– Sengül 47279 Masurenallee 264
– Serovpe 47279 Masurenallee 264
– Sinan 47249 Beim Götzhof 44
– Suat 47138 Bahnhof- 28
– Takuhi 47055 Kauf- 49
– Tuncel 47279 Masurenallee 264
– Yonus 47249 Steinbrink- 68
Karaoglu Abdullat 47166 Heinrich- 32
– Ahmet 47137 Bronkhorst- 106
– Ali 47137 Neubreisacher- 37b
– Ali 47139 Wandjes- 11
– Ayse 47137 Unter den Ulmen 131
– Azime 47249 Am Kiebitzberg 18
– Belkiz 47169 Seydlitz- 22
– Dursun 47166 Heinrich- 32
– Dursun 47169 Feld- 60
– Erkan 47169 Feld- 60
– Fikriye 47169 Feld- 60
– Gülten 47179 Sonnen- 127
– Hanife 47169 Johannismarkt 13
– Hanife 47137 Bronkhorst- 106
– Hikmet 47137 Neubreisacher- 37b
– Hüseyin 47166 Heinrich- 32
– Jale 47137 Unter den Ulmen 131
– Kadir 47166 Heinrich- 32
– Levent 47169 Seydlitz- 22
– Mehmet 47166 Eilperhof- 14
– Melahat 47137 Neubreisacher- 37b
Einwohner Namen-Teil
A-DU	Firmen, Gewerbebetriebe usw. nach Namen – siehe gelber Teil
